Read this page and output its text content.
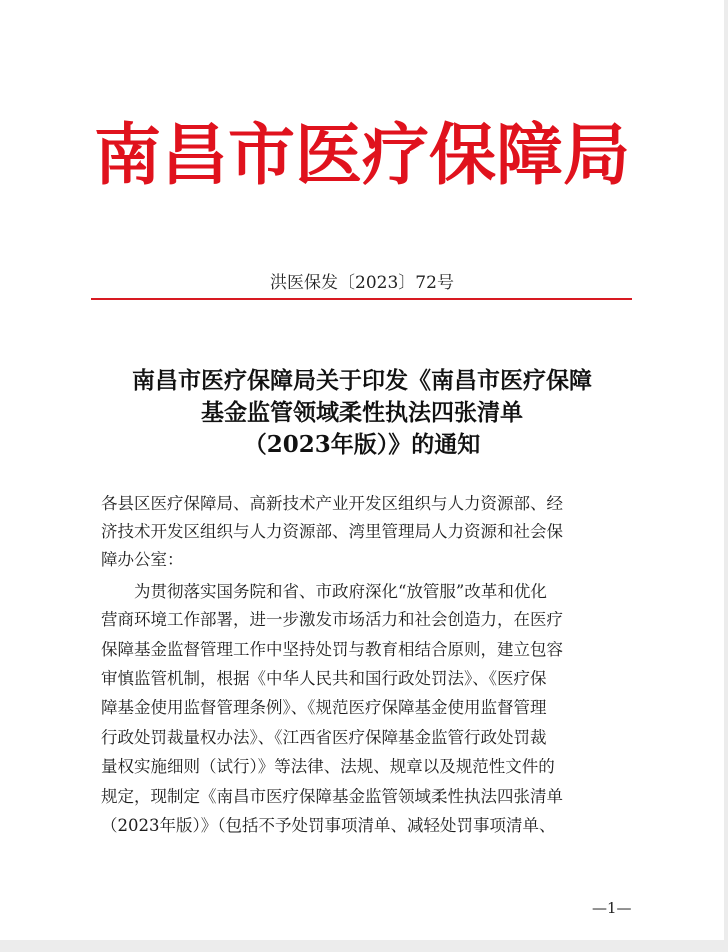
南昌市医疗保障局
洪医保发〔2023〕72号
南昌市医疗保障局关于印发《南昌市医疗保障
基金监管领域柔性执法四张清单
（2023年版）》的通知
各县区医疗保障局、高新技术产业开发区组织与人力资源部、经
济技术开发区组织与人力资源部、湾里管理局人力资源和社会保
障办公室：
为贯彻落实国务院和省、市政府深化“放管服”改革和优化
营商环境工作部署，进一步激发市场活力和社会创造力，在医疗
保障基金监督管理工作中坚持处罚与教育相结合原则，建立包容
审慎监管机制，根据《中华人民共和国行政处罚法》、《医疗保
障基金使用监督管理条例》、《规范医疗保障基金使用监督管理
行政处罚裁量权办法》、《江西省医疗保障基金监管行政处罚裁
量权实施细则（试行）》等法律、法规、规章以及规范性文件的
规定，现制定《南昌市医疗保障基金监管领域柔性执法四张清单
（2023年版）》（包括不予处罚事项清单、减轻处罚事项清单、
—1—
